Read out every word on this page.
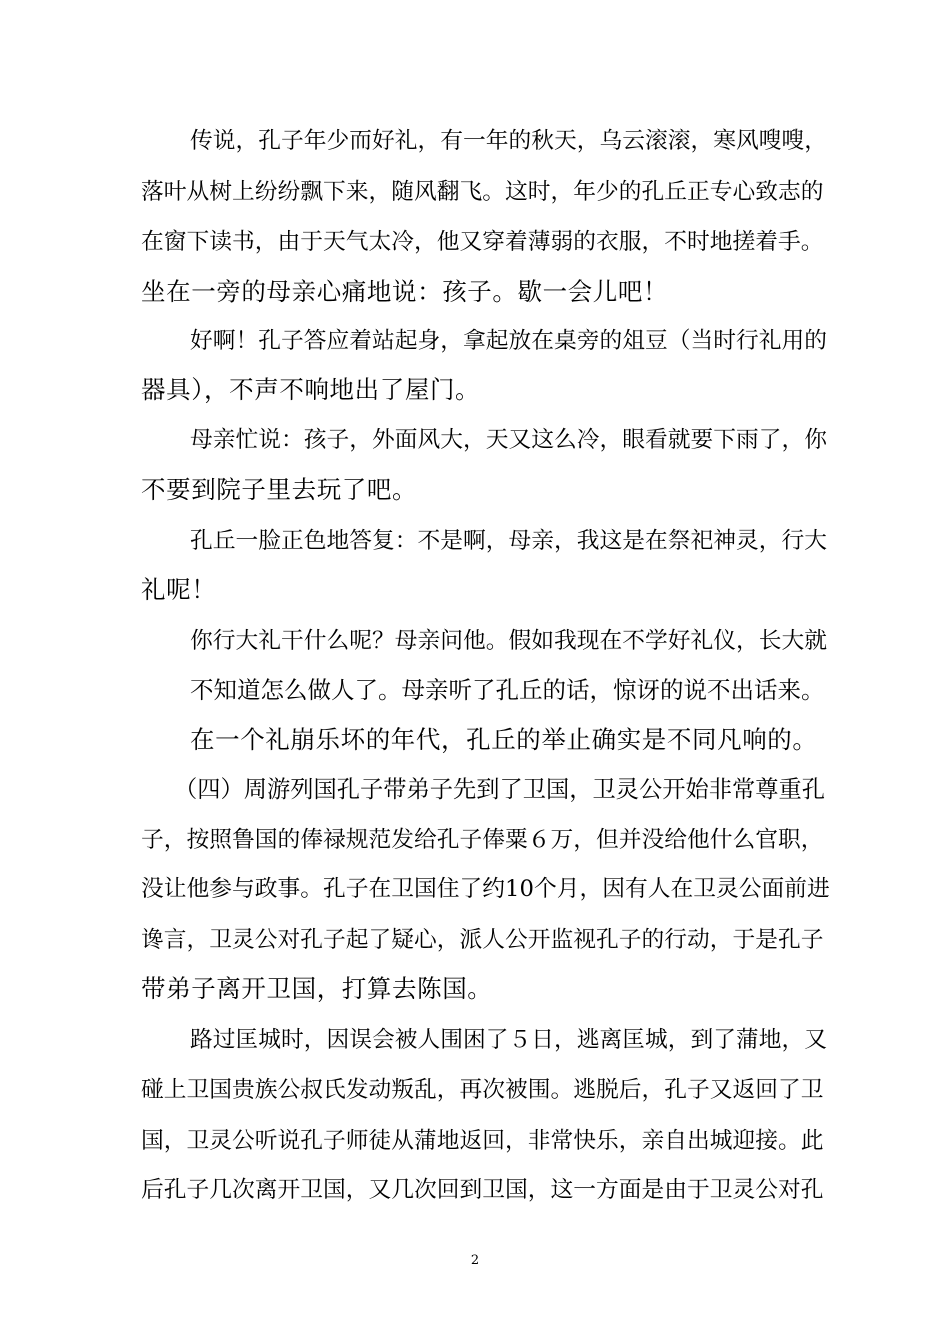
传说，孔子年少而好礼，有一年的秋天，乌云滚滚，寒风嗖嗖，
落叶从树上纷纷飘下来，随风翻飞。这时，年少的孔丘正专心致志的
在窗下读书，由于天气太冷，他又穿着薄弱的衣服，不时地搓着手。
坐在一旁的母亲心痛地说：孩子。歇一会儿吧！
好啊！孔子答应着站起身，拿起放在桌旁的俎豆（当时行礼用的
器具），不声不响地出了屋门。
母亲忙说：孩子，外面风大，天又这么冷，眼看就要下雨了，你
不要到院子里去玩了吧。
孔丘一脸正色地答复：不是啊，母亲，我这是在祭祀神灵，行大
礼呢！
你行大礼干什么呢？母亲问他。假如我现在不学好礼仪，长大就
不知道怎么做人了。母亲听了孔丘的话，惊讶的说不出话来。
在一个礼崩乐坏的年代，孔丘的举止确实是不同凡响的。
（四）周游列国孔子带弟子先到了卫国，卫灵公开始非常尊重孔
子，按照鲁国的俸禄规范发给孔子俸粟６万，但并没给他什么官职，
没让他参与政事。孔子在卫国住了约10个月，因有人在卫灵公面前进
谗言，卫灵公对孔子起了疑心，派人公开监视孔子的行动，于是孔子
带弟子离开卫国，打算去陈国。
路过匡城时，因误会被人围困了５日，逃离匡城，到了蒲地，又
碰上卫国贵族公叔氏发动叛乱，再次被围。逃脱后，孔子又返回了卫
国，卫灵公听说孔子师徒从蒲地返回，非常快乐，亲自出城迎接。此
后孔子几次离开卫国，又几次回到卫国，这一方面是由于卫灵公对孔
2
